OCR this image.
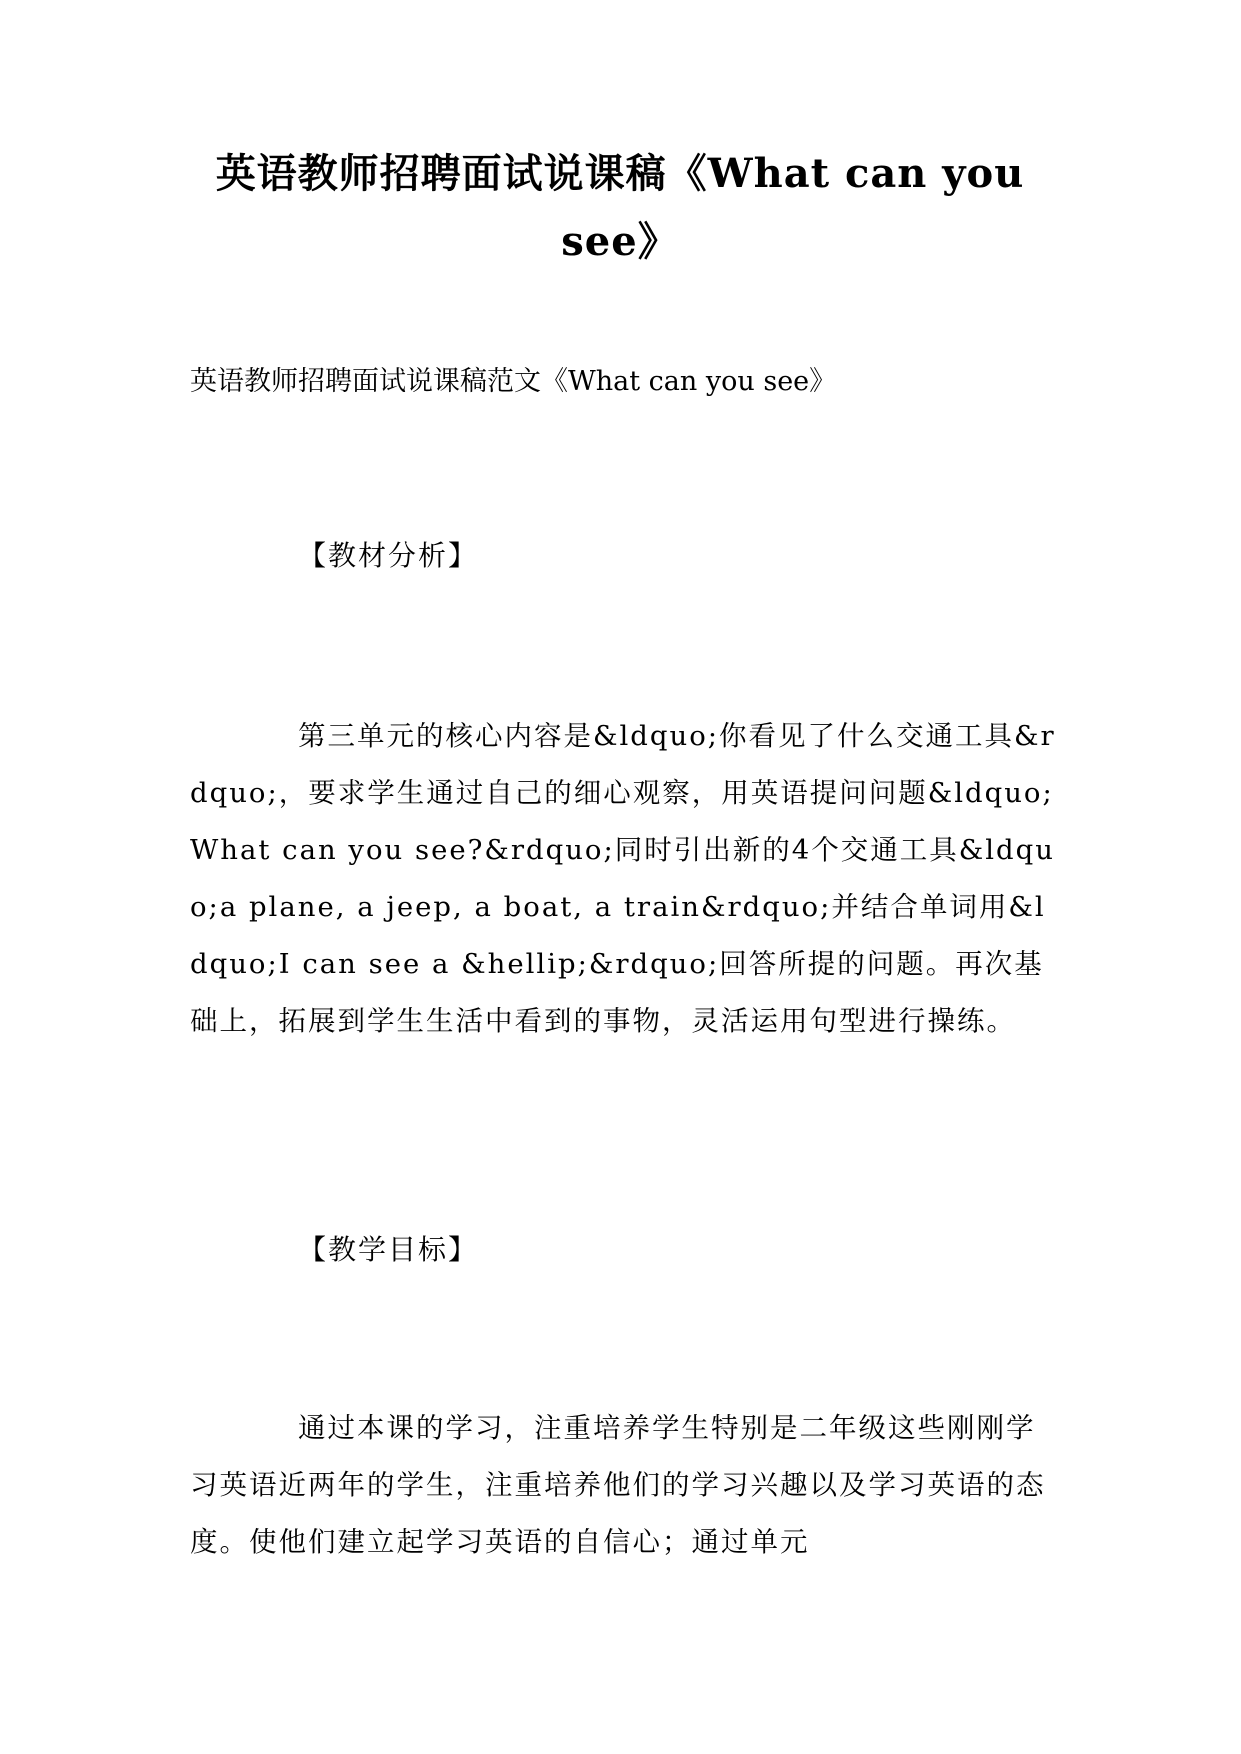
英语教师招聘面试说课稿《What can you see》

英语教师招聘面试说课稿范文《What can you see》

【教材分析】

第三单元的核心内容是&ldquo;你看见了什么交通工具&rdquo;，要求学生通过自己的细心观察，用英语提问问题&ldquo;What can you see?&rdquo;同时引出新的4个交通工具&ldquo;a plane, a jeep, a boat, a train&rdquo;并结合单词用&ldquo;I can see a &hellip;&rdquo;回答所提的问题。再次基础上，拓展到学生生活中看到的事物，灵活运用句型进行操练。

【教学目标】

通过本课的学习，注重培养学生特别是二年级这些刚刚学习英语近两年的学生，注重培养他们的学习兴趣以及学习英语的态度。使他们建立起学习英语的自信心；通过单元
